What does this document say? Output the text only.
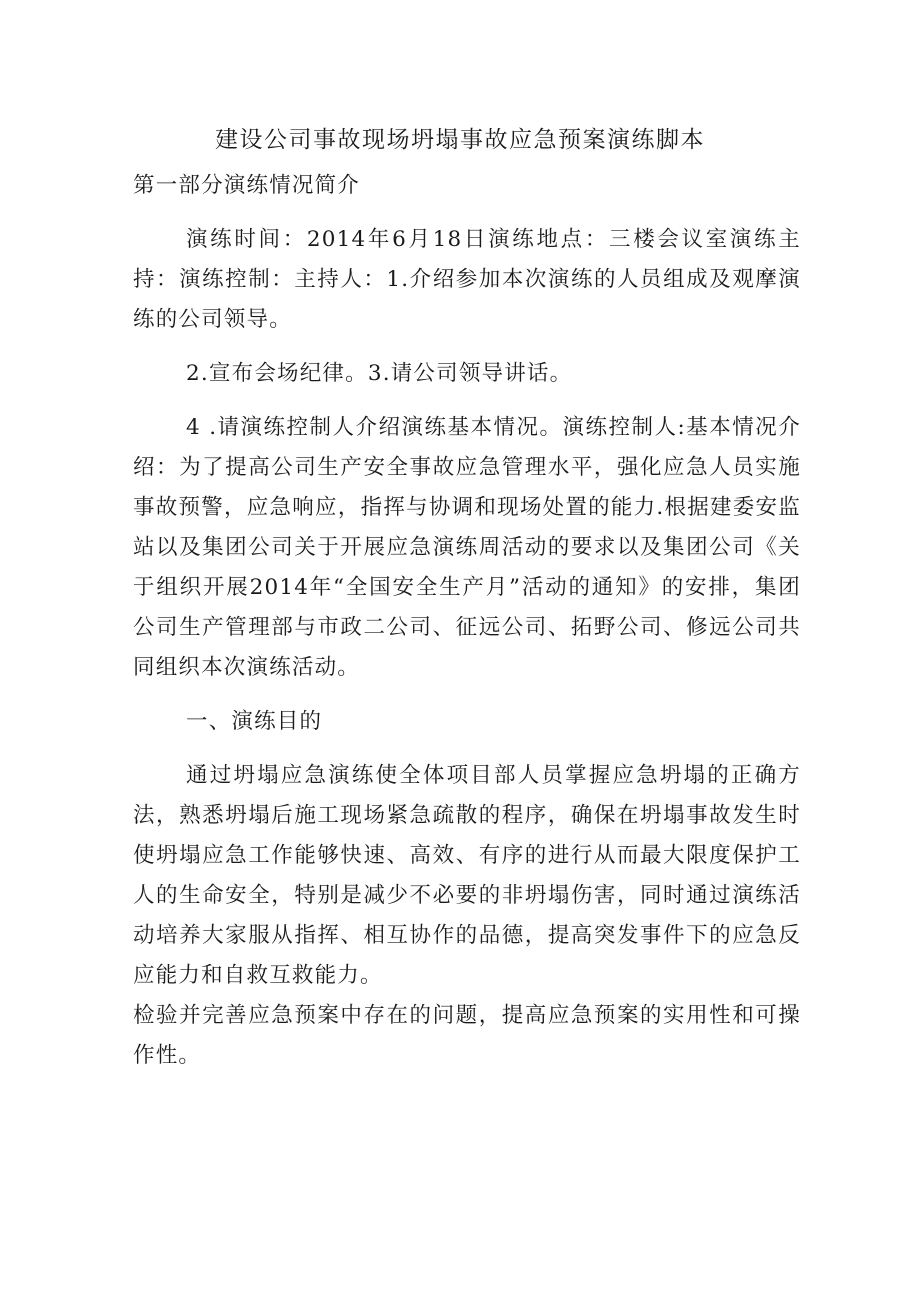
建设公司事故现场坍塌事故应急预案演练脚本

第一部分演练情况简介

演练时间：2014年6月18日演练地点：三楼会议室演练主持：演练控制：主持人：1.介绍参加本次演练的人员组成及观摩演练的公司领导。

2.宣布会场纪律。3.请公司领导讲话。

4 .请演练控制人介绍演练基本情况。演练控制人:基本情况介绍：为了提高公司生产安全事故应急管理水平，强化应急人员实施事故预警，应急响应，指挥与协调和现场处置的能力.根据建委安监站以及集团公司关于开展应急演练周活动的要求以及集团公司《关于组织开展2014年“全国安全生产月”活动的通知》的安排，集团公司生产管理部与市政二公司、征远公司、拓野公司、修远公司共同组织本次演练活动。

一、演练目的

通过坍塌应急演练使全体项目部人员掌握应急坍塌的正确方法，熟悉坍塌后施工现场紧急疏散的程序，确保在坍塌事故发生时使坍塌应急工作能够快速、高效、有序的进行从而最大限度保护工人的生命安全，特别是减少不必要的非坍塌伤害，同时通过演练活动培养大家服从指挥、相互协作的品德，提高突发事件下的应急反应能力和自救互救能力。

检验并完善应急预案中存在的问题，提高应急预案的实用性和可操作性。
